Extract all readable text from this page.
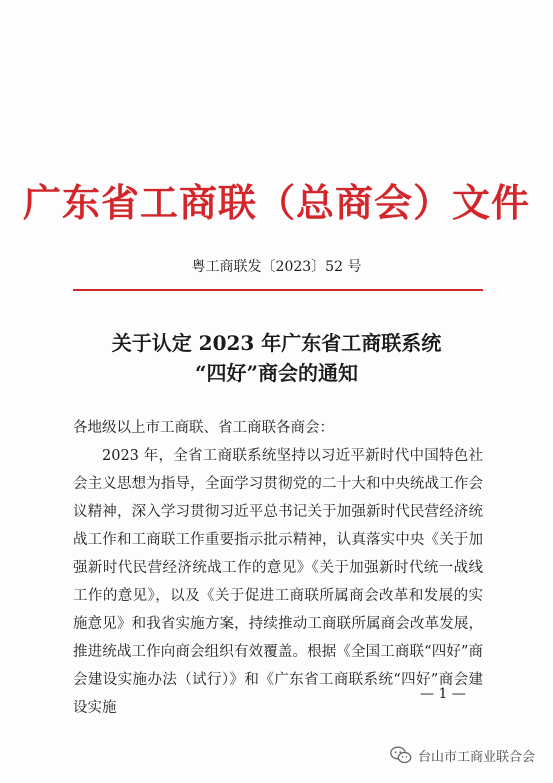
广东省工商联（总商会）文件
粤工商联发〔2023〕52 号
关于认定 2023 年广东省工商联系统
“四好”商会的通知

各地级以上市工商联、省工商联各商会：

2023 年，全省工商联系统坚持以习近平新时代中国特色社会主义思想为指导，全面学习贯彻党的二十大和中央统战工作会议精神，深入学习贯彻习近平总书记关于加强新时代民营经济统战工作和工商联工作重要指示批示精神，认真落实中央《关于加强新时代民营经济统战工作的意见》《关于加强新时代统一战线工作的意见》，以及《关于促进工商联所属商会改革和发展的实施意见》和我省实施方案，持续推动工商联所属商会改革发展，推进统战工作向商会组织有效覆盖。根据《全国工商联“四好”商会建设实施办法（试行）》和《广东省工商联系统“四好”商会建设实施

— 1 —
台山市工商业联合会
